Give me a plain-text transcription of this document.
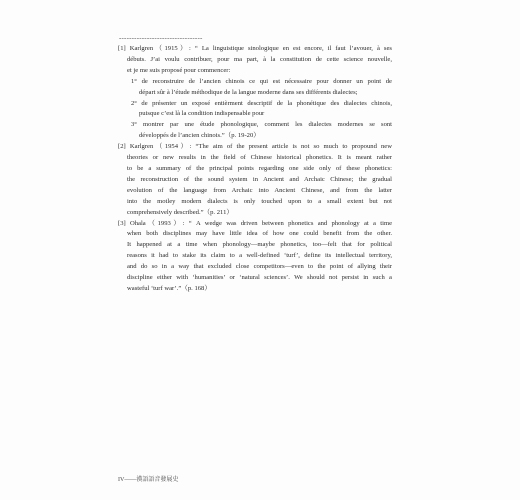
---------------------------------
[1] Karlgren（1915）: “ La linguistique sinologique en est encore, il faut l’avouer, à ses
débuts. J’ai voulu contribuer, pour ma part, à la constitution de cette science nouvelle,
et je me suis proposé pour commencer:
1° de reconstruire de l’ancien chinois ce qui est nécessaire pour donner un point de
départ sûr à l’étude méthodique de la langue moderne dans ses différents dialectes;
2° de présenter un exposé entièrment descriptif de la phonétique des dialectes chinois,
puisque c’est là la condition indispensable pour
3° montrer par une étude phonologique, comment les dialectes modernes se sont
développés de l’ancien chinois.”（p. 19-20）
[2] Karlgren（1954）: “The aim of the present article is not so much to propound new
theories or new results in the field of Chinese historical phonetics. It is meant rather
to be a summary of the principal points regarding one side only of these phonetics:
the reconstruction of the sound system in Ancient and Archaic Chinese; the gradual
evolution of the language from Archaic into Ancient Chinese, and from the latter
into the motley modern dialects is only touched upon to a small extent but not
comprehensively described.”（p. 211）
[3] Ohala（1993）: “ A wedge was driven between phonetics and phonology at a time
when both disciplines may have little idea of how one could benefit from the other.
It happened at a time when phonology—maybe phonetics, too—felt that for political
reasons it had to stake its claim to a well-defined ‘turf’, define its intellectual territory,
and do so in a way that excluded close competitors—even to the point of allying their
discipline either with ‘humanities’ or ‘natural sciences’. We should not persist in such a
wasteful ‘turf war’.”（p. 168）
IV——漢語語音發展史
